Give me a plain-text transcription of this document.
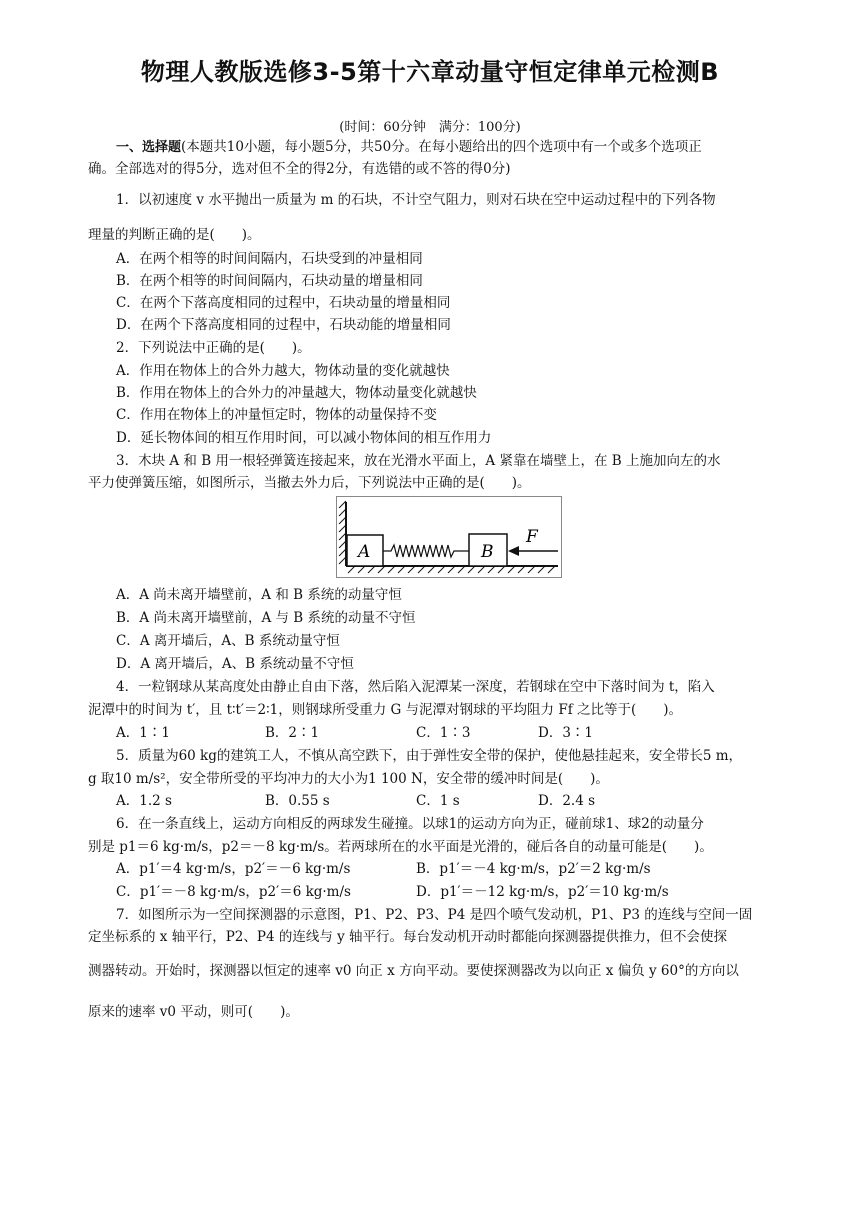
物理人教版选修3-5第十六章动量守恒定律单元检测B
(时间：60分钟　满分：100分)
一、选择题(本题共10小题，每小题5分，共50分。在每小题给出的四个选项中有一个或多个选项正
确。全部选对的得5分，选对但不全的得2分，有选错的或不答的得0分)
1．以初速度 v 水平抛出一质量为 m 的石块，不计空气阻力，则对石块在空中运动过程中的下列各物
理量的判断正确的是(　　)。
A．在两个相等的时间间隔内，石块受到的冲量相同
B．在两个相等的时间间隔内，石块动量的增量相同
C．在两个下落高度相同的过程中，石块动量的增量相同
D．在两个下落高度相同的过程中，石块动能的增量相同
2．下列说法中正确的是(　　)。
A．作用在物体上的合外力越大，物体动量的变化就越快
B．作用在物体上的合外力的冲量越大，物体动量变化就越快
C．作用在物体上的冲量恒定时，物体的动量保持不变
D．延长物体间的相互作用时间，可以减小物体间的相互作用力
3．木块 A 和 B 用一根轻弹簧连接起来，放在光滑水平面上，A 紧靠在墙壁上，在 B 上施加向左的水
平力使弹簧压缩，如图所示，当撤去外力后，下列说法中正确的是(　　)。
A	B
F
A．A 尚未离开墙壁前，A 和 B 系统的动量守恒
B．A 尚未离开墙壁前，A 与 B 系统的动量不守恒
C．A 离开墙后，A、B 系统动量守恒
D．A 离开墙后，A、B 系统动量不守恒
4．一粒钢球从某高度处由静止自由下落，然后陷入泥潭某一深度，若钢球在空中下落时间为 t，陷入
泥潭中的时间为 t′，且 t∶t′＝2∶1，则钢球所受重力 G 与泥潭对钢球的平均阻力 Ff 之比等于(　　)。
A．1∶1	B．2∶1	C．1∶3	D．3∶1
5．质量为60 kg的建筑工人，不慎从高空跌下，由于弹性安全带的保护，使他悬挂起来，安全带长5 m，
g 取10 m/s²，安全带所受的平均冲力的大小为1 100 N，安全带的缓冲时间是(　　)。
A．1.2 s	B．0.55 s	C．1 s	D．2.4 s
6．在一条直线上，运动方向相反的两球发生碰撞。以球1的运动方向为正，碰前球1、球2的动量分
别是 p1＝6 kg·m/s，p2＝－8 kg·m/s。若两球所在的水平面是光滑的，碰后各自的动量可能是(　　)。
A．p1′＝4 kg·m/s，p2′＝－6 kg·m/s	B．p1′＝－4 kg·m/s，p2′＝2 kg·m/s
C．p1′＝－8 kg·m/s，p2′＝6 kg·m/s	D．p1′＝－12 kg·m/s，p2′＝10 kg·m/s
7．如图所示为一空间探测器的示意图，P1、P2、P3、P4 是四个喷气发动机，P1、P3 的连线与空间一固
定坐标系的 x 轴平行，P2、P4 的连线与 y 轴平行。每台发动机开动时都能向探测器提供推力，但不会使探
测器转动。开始时，探测器以恒定的速率 v0 向正 x 方向平动。要使探测器改为以向正 x 偏负 y 60°的方向以
原来的速率 v0 平动，则可(　　)。
